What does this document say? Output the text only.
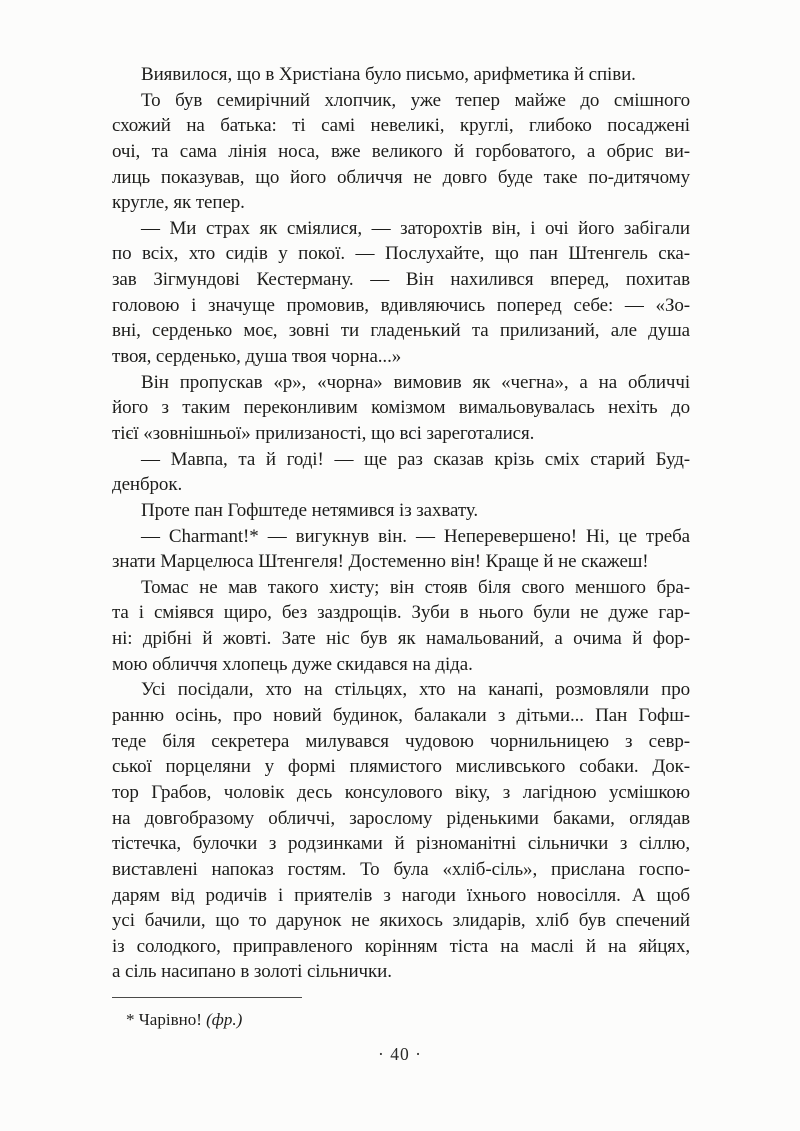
Виявилося, що в Христіана було письмо, арифметика й співи.
То був семирічний хлопчик, уже тепер майже до смішного
схожий на батька: ті самі невеликі, круглі, глибоко посаджені
очі, та сама лінія носа, вже великого й горбоватого, а обрис ви-
лиць показував, що його обличчя не довго буде таке по-дитячому
кругле, як тепер.
— Ми страх як сміялися, — заторохтів він, і очі його забігали
по всіх, хто сидів у покої. — Послухайте, що пан Штенгель ска-
зав Зігмундові Кестерману. — Він нахилився вперед, похитав
головою і значуще промовив, вдивляючись поперед себе: — «Зо-
вні, серденько моє, зовні ти гладенький та прилизаний, але душа
твоя, серденько, душа твоя чорна...»
Він пропускав «р», «чорна» вимовив як «чегна», а на обличчі
його з таким переконливим комізмом вимальовувалась нехіть до
тієї «зовнішньої» прилизаності, що всі зареготалися.
— Мавпа, та й годі! — ще раз сказав крізь сміх старий Буд-
денброк.
Проте пан Гофштеде нетямився із захвату.
— Charmant!* — вигукнув він. — Неперевершено! Ні, це треба
знати Марцелюса Штенгеля! Достеменно він! Краще й не скажеш!
Томас не мав такого хисту; він стояв біля свого меншого бра-
та і сміявся щиро, без заздрощів. Зуби в нього були не дуже гар-
ні: дрібні й жовті. Зате ніс був як намальований, а очима й фор-
мою обличчя хлопець дуже скидався на діда.
Усі посідали, хто на стільцях, хто на канапі, розмовляли про
ранню осінь, про новий будинок, балакали з дітьми... Пан Гофш-
теде біля секретера милувався чудовою чорнильницею з севр-
ської порцеляни у формі плямистого мисливського собаки. Док-
тор Грабов, чоловік десь консулового віку, з лагідною усмішкою
на довгобразому обличчі, зарослому ріденькими баками, оглядав
тістечка, булочки з родзинками й різноманітні сільнички з сіллю,
виставлені напоказ гостям. То була «хліб-сіль», прислана госпо-
дарям від родичів і приятелів з нагоди їхнього новосілля. А щоб
усі бачили, що то дарунок не якихось злидарів, хліб був спечений
із солодкого, приправленого корінням тіста на маслі й на яйцях,
а сіль насипано в золоті сільнички.
* Чарівно! (фр.)
· 40 ·
